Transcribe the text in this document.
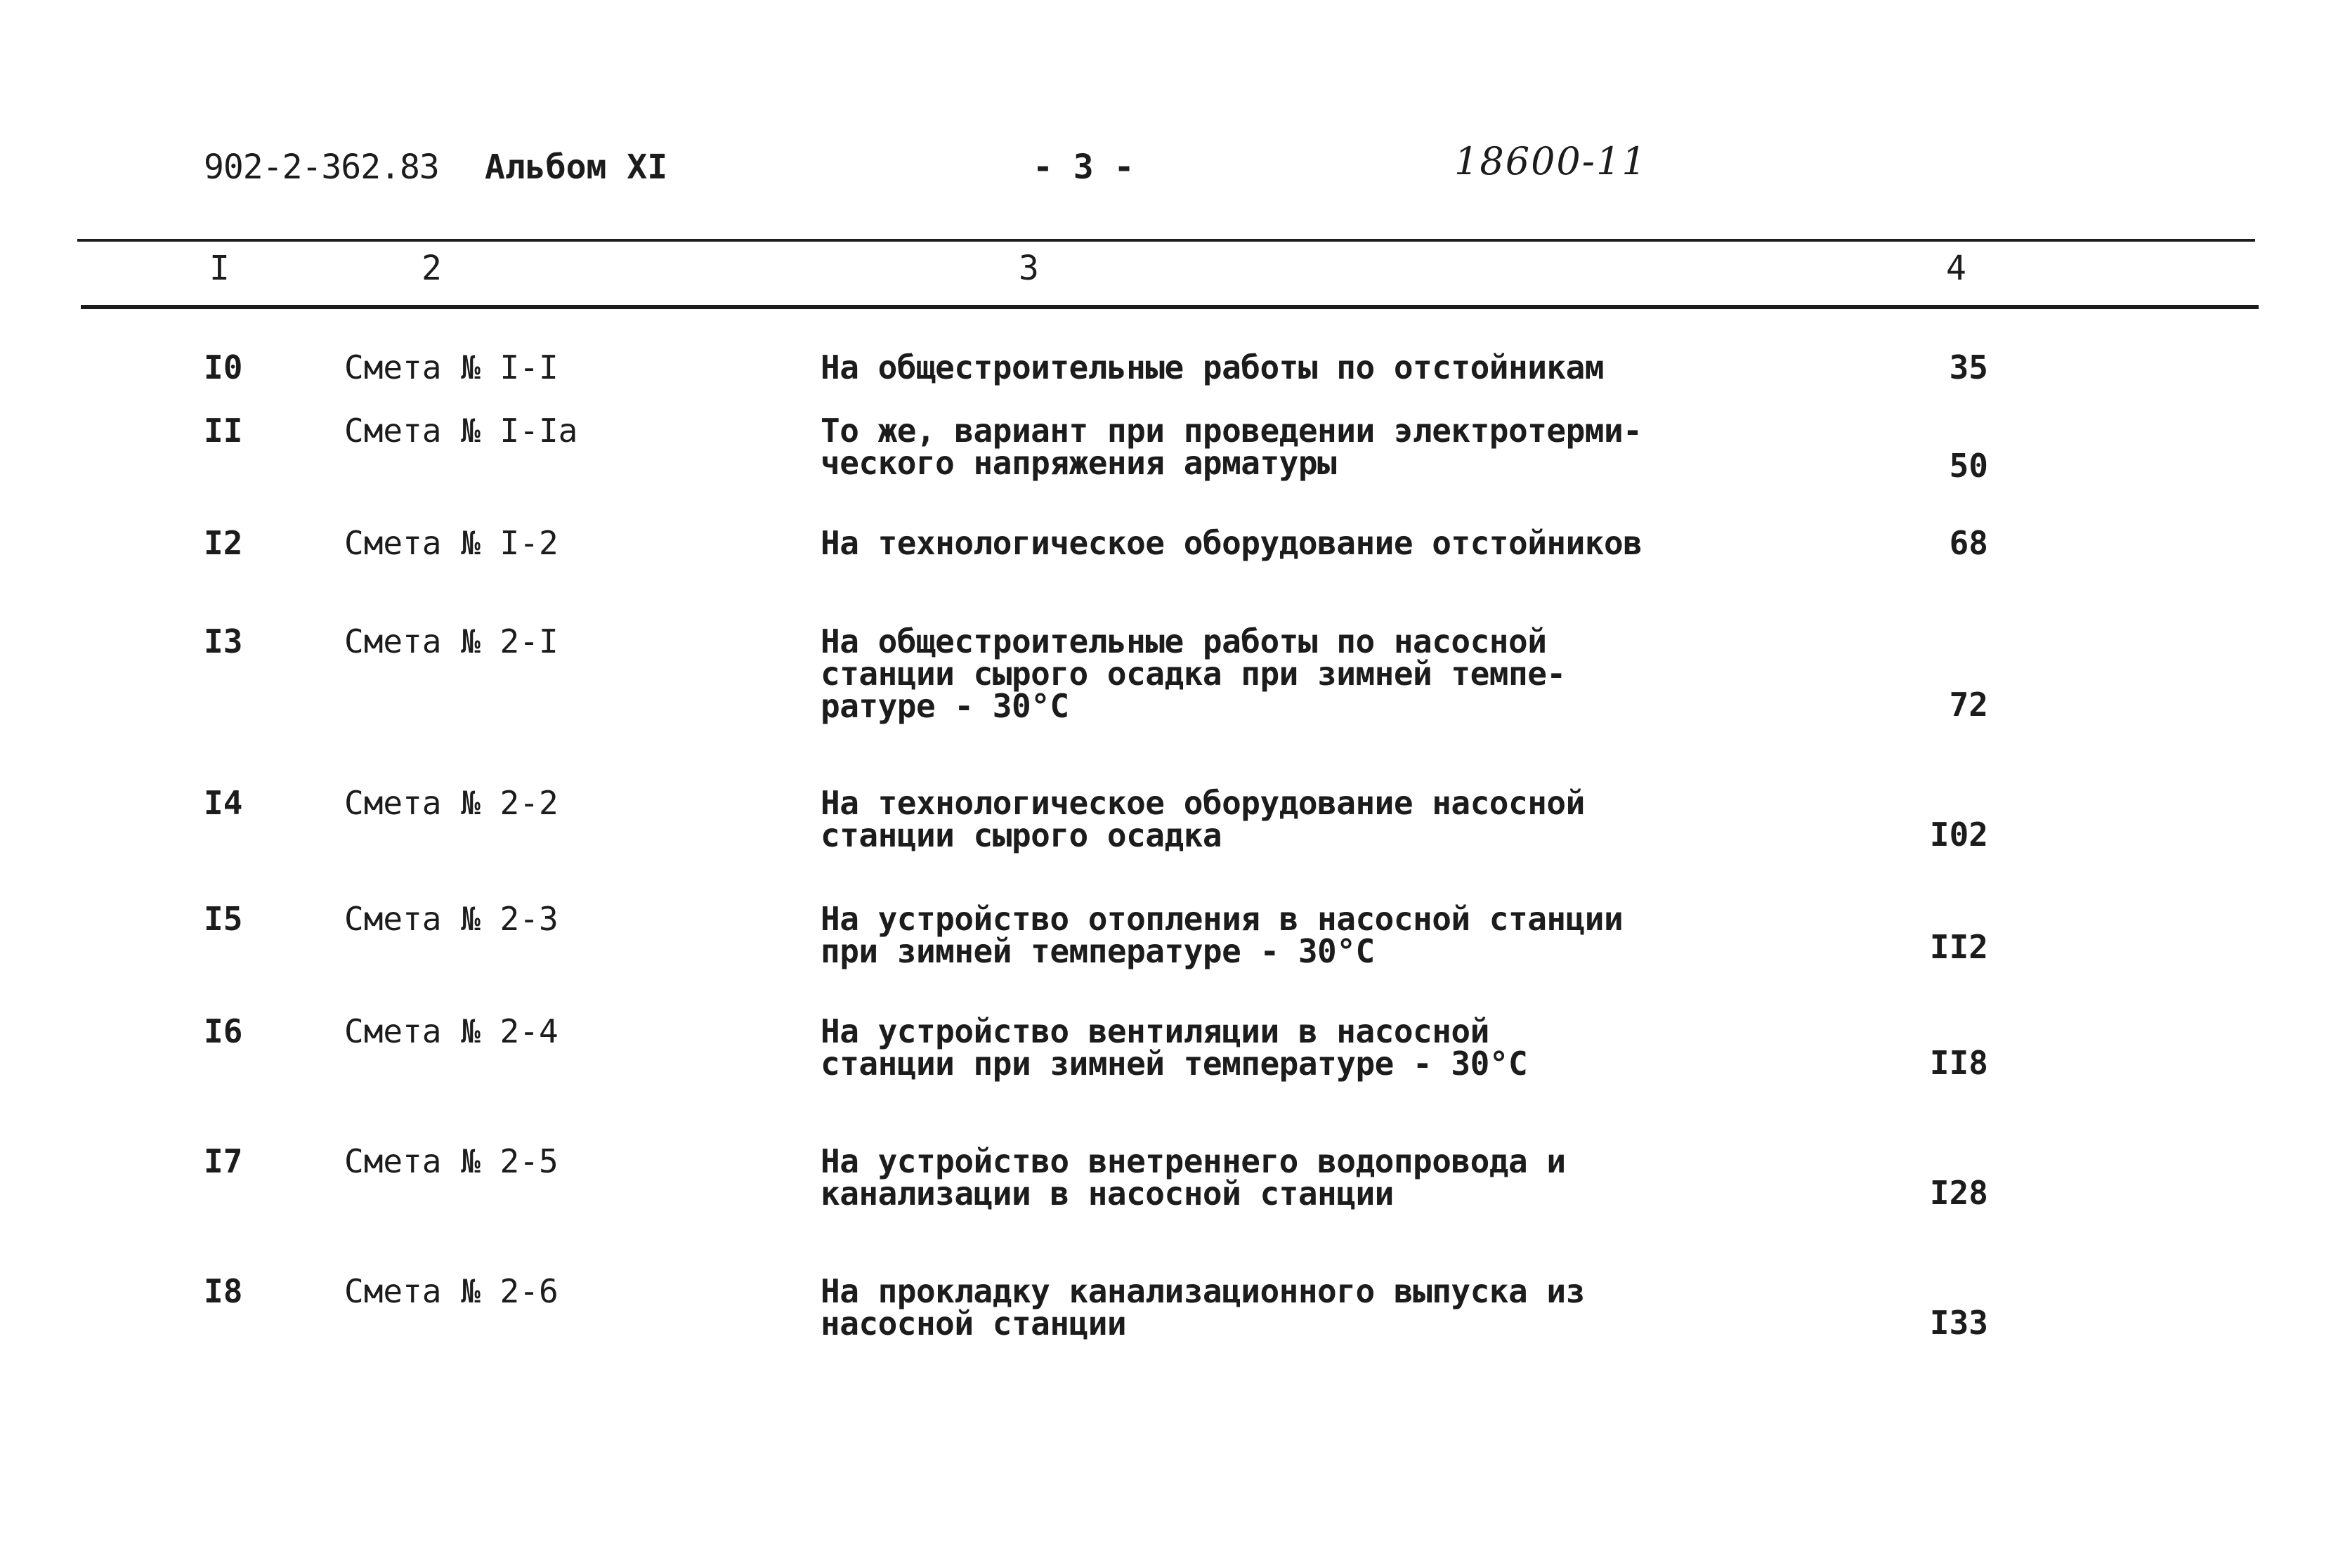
902-2-362.83 Альбом XI	- 3 -	18600-11
I	2	3	4
I0	Смета № I-I	На общестроительные работы по отстойникам	35
II	Смета № I-Iа	То же, вариант при проведении электротерми-
ческого напряжения арматуры	50
I2	Смета № I-2	На технологическое оборудование отстойников	68
I3	Смета № 2-I	На общестроительные работы по насосной
станции сырого осадка при зимней темпе-
ратуре - 30°С	72
I4	Смета № 2-2	На технологическое оборудование насосной
станции сырого осадка	I02
I5	Смета № 2-3	На устройство отопления в насосной станции
при зимней температуре - 30°С	II2
I6	Смета № 2-4	На устройство вентиляции в насосной
станции при зимней температуре - 30°С	II8
I7	Смета № 2-5	На устройство внетреннего водопровода и
канализации в насосной станции	I28
I8	Смета № 2-6	На прокладку канализационного выпуска из
насосной станции	I33
